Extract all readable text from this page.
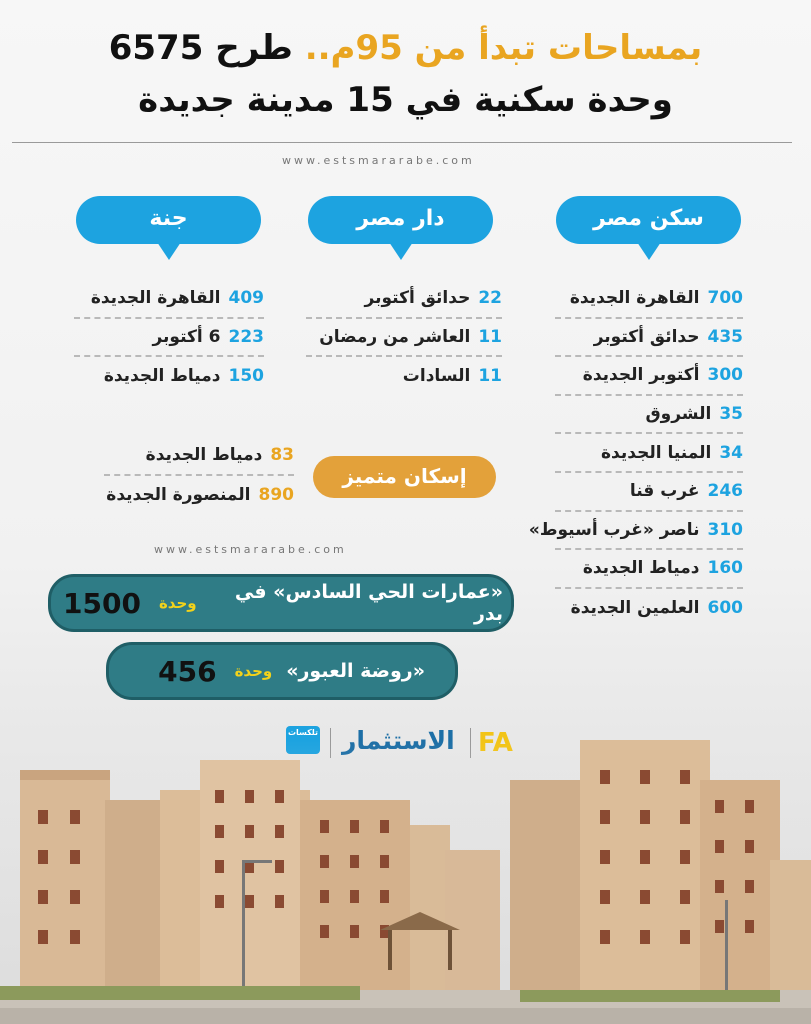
بمساحات تبدأ من 95م.. طرح 6575
وحدة سكنية في 15 مدينة جديدة
www.estsmararabe.com
سكن مصر
دار مصر
جنة
700
القاهرة الجديدة
435
حدائق أكتوبر
300
أكتوبر الجديدة
35
الشروق
34
المنيا الجديدة
246
غرب قنا
310
ناصر «غرب أسيوط»
160
دمياط الجديدة
600
العلمين الجديدة
22
حدائق أكتوبر
11
العاشر من رمضان
11
السادات
409
القاهرة الجديدة
223
6 أكتوبر
150
دمياط الجديدة
إسكان متميز
83
دمياط الجديدة
890
المنصورة الجديدة
www.estsmararabe.com
«عمارات الحي السادس» في بدر
وحدة
1500
«روضة العبور»
وحدة
456
تلكسات
